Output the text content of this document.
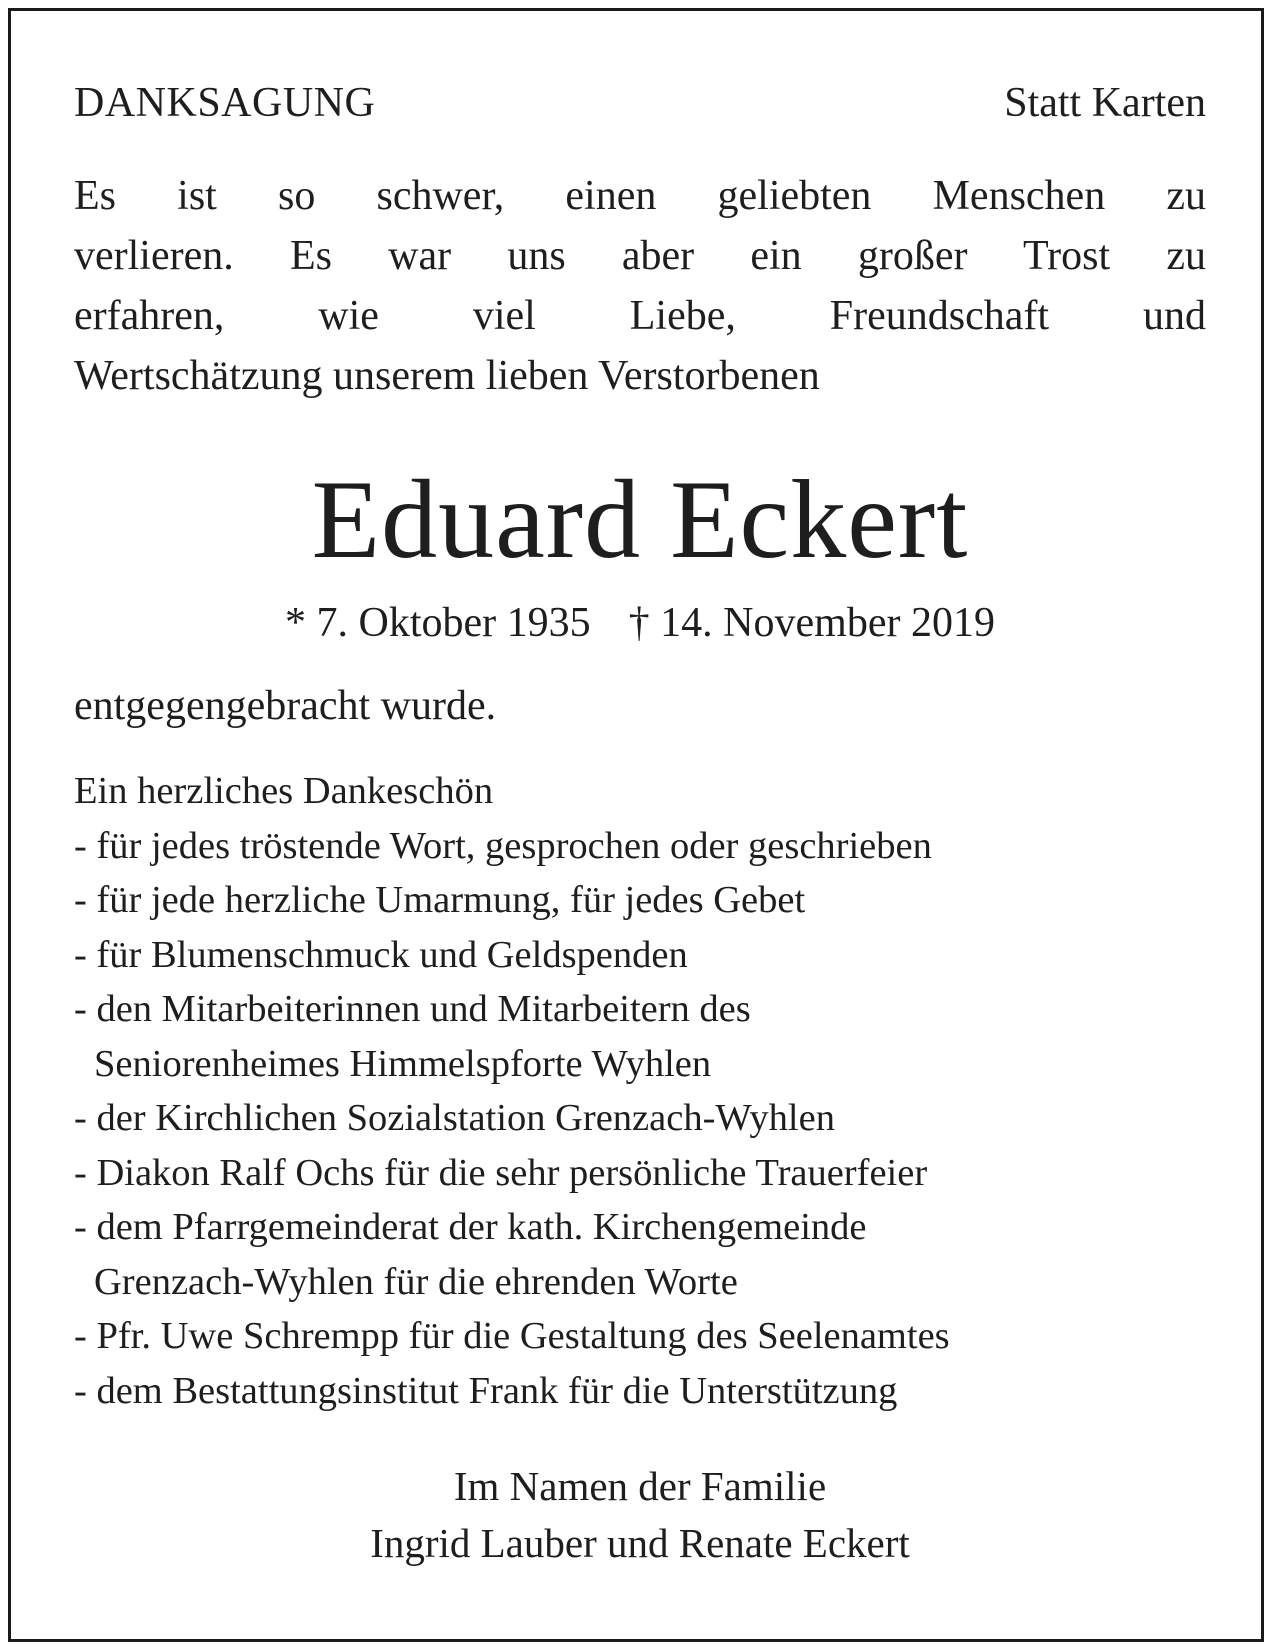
DANKSAGUNG	Statt Karten
Es ist so schwer, einen geliebten Menschen zu
verlieren. Es war uns aber ein großer Trost zu
erfahren, wie viel Liebe, Freundschaft und
Wertschätzung unserem lieben Verstorbenen
Eduard Eckert
* 7. Oktober 1935 † 14. November 2019
entgegengebracht wurde.
Ein herzliches Dankeschön
- für jedes tröstende Wort, gesprochen oder geschrieben
- für jede herzliche Umarmung, für jedes Gebet
- für Blumenschmuck und Geldspenden
- den Mitarbeiterinnen und Mitarbeitern des
Seniorenheimes Himmelspforte Wyhlen
- der Kirchlichen Sozialstation Grenzach-Wyhlen
- Diakon Ralf Ochs für die sehr persönliche Trauerfeier
- dem Pfarrgemeinderat der kath. Kirchengemeinde
Grenzach-Wyhlen für die ehrenden Worte
- Pfr. Uwe Schrempp für die Gestaltung des Seelenamtes
- dem Bestattungsinstitut Frank für die Unterstützung
Im Namen der Familie
Ingrid Lauber und Renate Eckert
